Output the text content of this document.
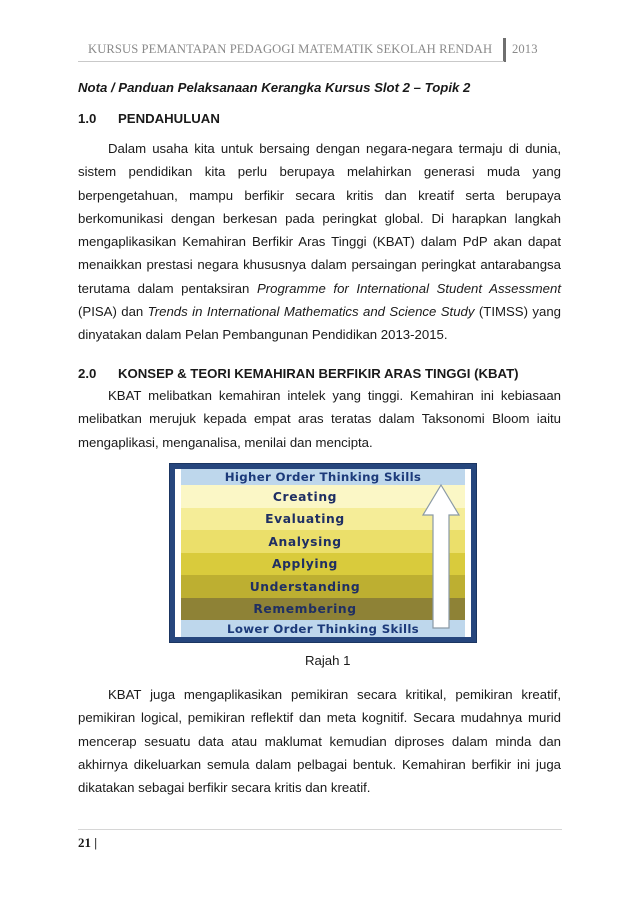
KURSUS PEMANTAPAN PEDAGOGI MATEMATIK SEKOLAH RENDAH 2013
Nota / Panduan Pelaksanaan Kerangka Kursus Slot 2 – Topik 2
1.0 PENDAHULUAN

Dalam usaha kita untuk bersaing dengan negara-negara termaju di dunia, sistem pendidikan kita perlu berupaya melahirkan generasi muda yang berpengetahuan, mampu berfikir secara kritis dan kreatif serta berupaya berkomunikasi dengan berkesan pada peringkat global. Di harapkan langkah mengaplikasikan Kemahiran Berfikir Aras Tinggi (KBAT) dalam PdP akan dapat menaikkan prestasi negara khususnya dalam persaingan peringkat antarabangsa terutama dalam pentaksiran Programme for International Student Assessment (PISA) dan Trends in International Mathematics and Science Study (TIMSS) yang dinyatakan dalam Pelan Pembangunan Pendidikan 2013-2015.

2.0 KONSEP & TEORI KEMAHIRAN BERFIKIR ARAS TINGGI (KBAT)

KBAT melibatkan kemahiran intelek yang tinggi. Kemahiran ini kebiasaan melibatkan merujuk kepada empat aras teratas dalam Taksonomi Bloom iaitu mengaplikasi, menganalisa, menilai dan mencipta.

Higher Order Thinking Skills
Creating
Evaluating
Analysing
Applying
Understanding
Remembering
Lower Order Thinking Skills
Rajah 1

KBAT juga mengaplikasikan pemikiran secara kritikal, pemikiran kreatif, pemikiran logical, pemikiran reflektif dan meta kognitif. Secara mudahnya murid mencerap sesuatu data atau maklumat kemudian diproses dalam minda dan akhirnya dikeluarkan semula dalam pelbagai bentuk. Kemahiran berfikir ini juga dikatakan sebagai berfikir secara kritis dan kreatif.

21 |
